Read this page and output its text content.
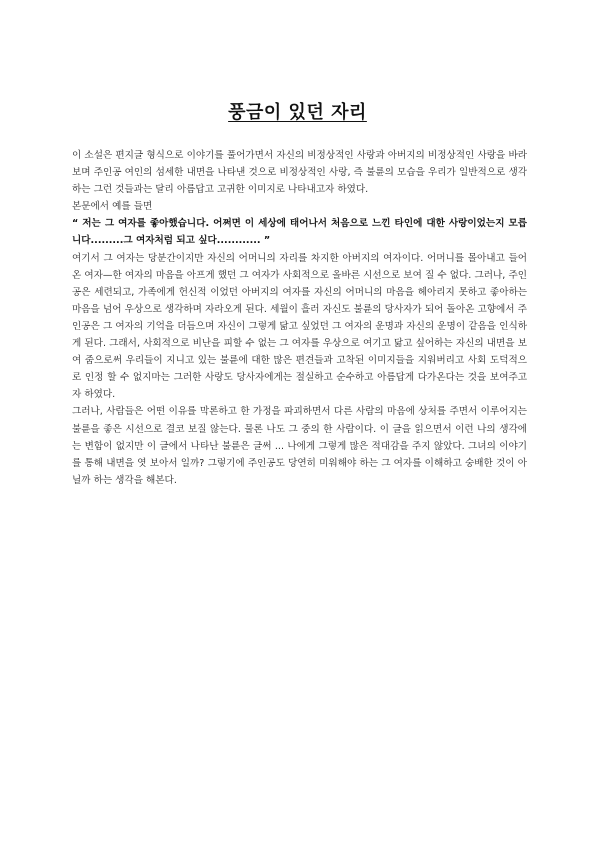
풍금이 있던 자리

이 소설은 편지글 형식으로 이야기를 풀어가면서 자신의 비정상적인 사랑과 아버지의 비정상적인 사랑을 바라보며 주인공 여인의 섬세한 내면을 나타낸 것으로 비정상적인 사랑, 즉 불륜의 모습을 우리가 일반적으로 생각하는 그런 것들과는 달리 아름답고 고귀한 이미지로 나타내고자 하였다.

본문에서 예를 들면

“ 저는 그 여자를 좋아했습니다. 어쩌면 이 세상에 태어나서 처음으로 느낀 타인에 대한 사랑이었는지 모릅니다.........그 여자처럼 되고 싶다............ ”

여기서 그 여자는 당분간이지만 자신의 어머니의 자리를 차지한 아버지의 여자이다. 어머니를 몰아내고 들어온 여자—한 여자의 마음을 아프게 했던 그 여자가 사회적으로 올바른 시선으로 보여 질 수 없다. 그러나, 주인공은 세련되고, 가족에게 헌신적 이었던 아버지의 여자를 자신의 어머니의 마음을 헤아리지 못하고 좋아하는 마음을 넘어 우상으로 생각하며 자라오게 된다. 세월이 흘러 자신도 불륜의 당사자가 되어 돌아온 고향에서 주인공은 그 여자의 기억을 더듬으며 자신이 그렇게 닮고 싶었던 그 여자의 운명과 자신의 운명이 같음을 인식하게 된다. 그래서, 사회적으로 비난을 피할 수 없는 그 여자를 우상으로 여기고 닮고 싶어하는 자신의 내면을 보여 줌으로써 우리들이 지니고 있는 불륜에 대한 많은 편견들과 고착된 이미지들을 지워버리고 사회 도덕적으로 인정 할 수 없지마는 그러한 사랑도 당사자에게는 절실하고 순수하고 아름답게 다가온다는 것을 보여주고자 하였다.

그러나, 사람들은 어떤 이유를 막론하고 한 가정을 파괴하면서 다른 사람의 마음에 상처를 주면서 이루어지는 불륜을 좋은 시선으로 결코 보질 않는다. 물론 나도 그 중의 한 사람이다. 이 글을 읽으면서 이런 나의 생각에는 변함이 없지만 이 글에서 나타난 불륜은 글써 ... 나에게 그렇게 많은 적대감을 주지 않았다. 그녀의 이야기를 통해 내면을 엿 보아서 일까? 그렇기에 주인공도 당연히 미워해야 하는 그 여자를 이해하고 숭배한 것이 아닐까 하는 생각을 해본다.
